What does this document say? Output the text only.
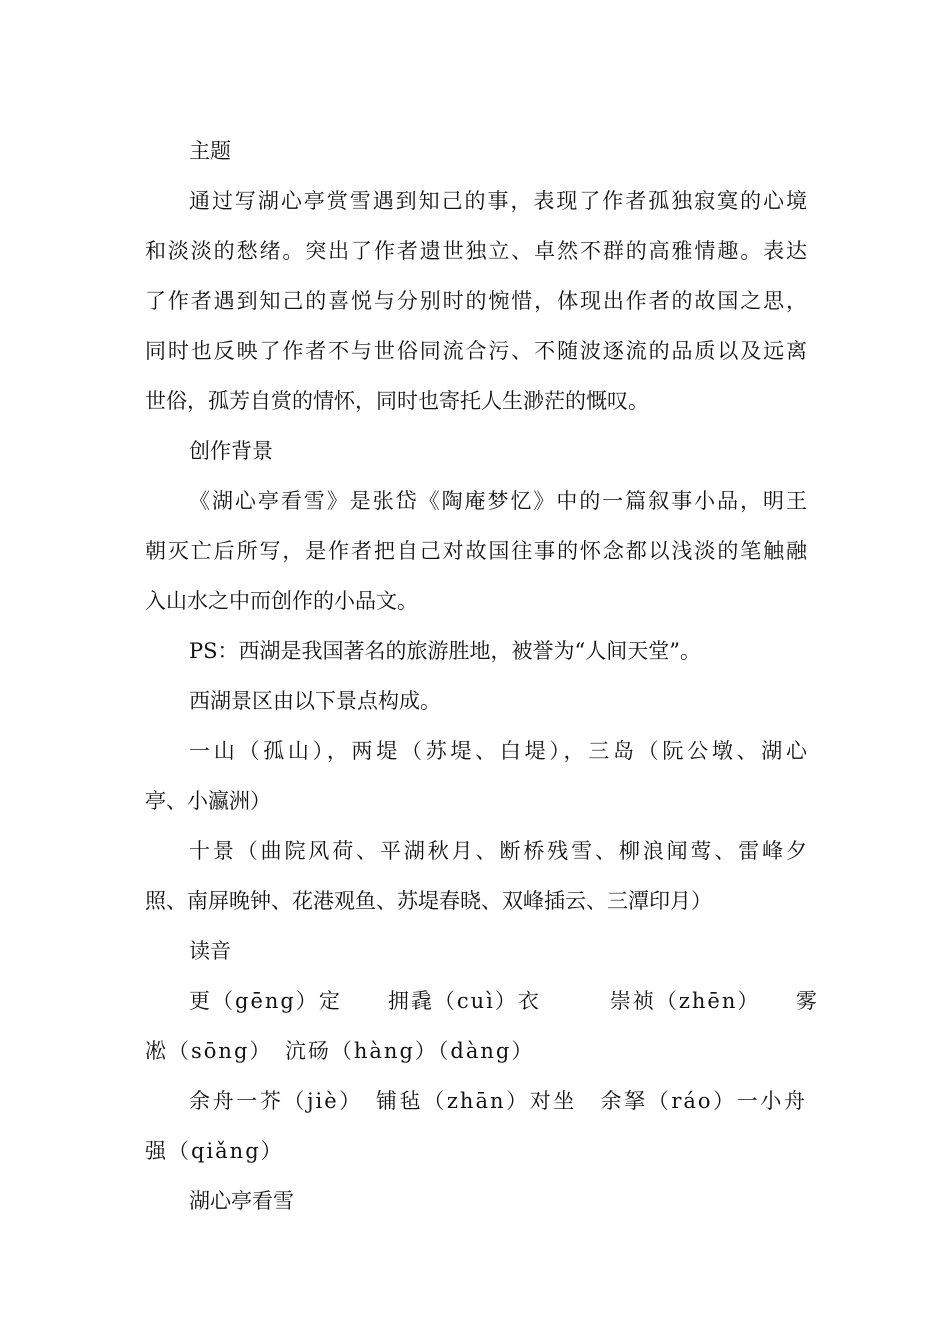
主题
通过写湖心亭赏雪遇到知己的事，表现了作者孤独寂寞的心境
和淡淡的愁绪。突出了作者遗世独立、卓然不群的高雅情趣。表达
了作者遇到知己的喜悦与分别时的惋惜，体现出作者的故国之思，
同时也反映了作者不与世俗同流合污、不随波逐流的品质以及远离
世俗，孤芳自赏的情怀，同时也寄托人生渺茫的慨叹。
创作背景
《湖心亭看雪》是张岱《陶庵梦忆》中的一篇叙事小品，明王
朝灭亡后所写，是作者把自己对故国往事的怀念都以浅淡的笔触融
入山水之中而创作的小品文。
PS：西湖是我国著名的旅游胜地，被誉为“人间天堂”。
西湖景区由以下景点构成。
一山（孤山），两堤（苏堤、白堤），三岛（阮公墩、湖心
亭、小瀛洲）
十景（曲院风荷、平湖秋月、断桥残雪、柳浪闻莺、雷峰夕
照、南屏晚钟、花港观鱼、苏堤春晓、双峰插云、三潭印月）
读音
更（gēng）定　　拥毳（cuì）衣　　　崇祯（zhēn）　　雾
凇（sōng）　沆砀（hàng）（dàng）
余舟一芥（jiè）　铺毡（zhān）对坐　余拏（ráo）一小舟
强（qiǎng）
湖心亭看雪
